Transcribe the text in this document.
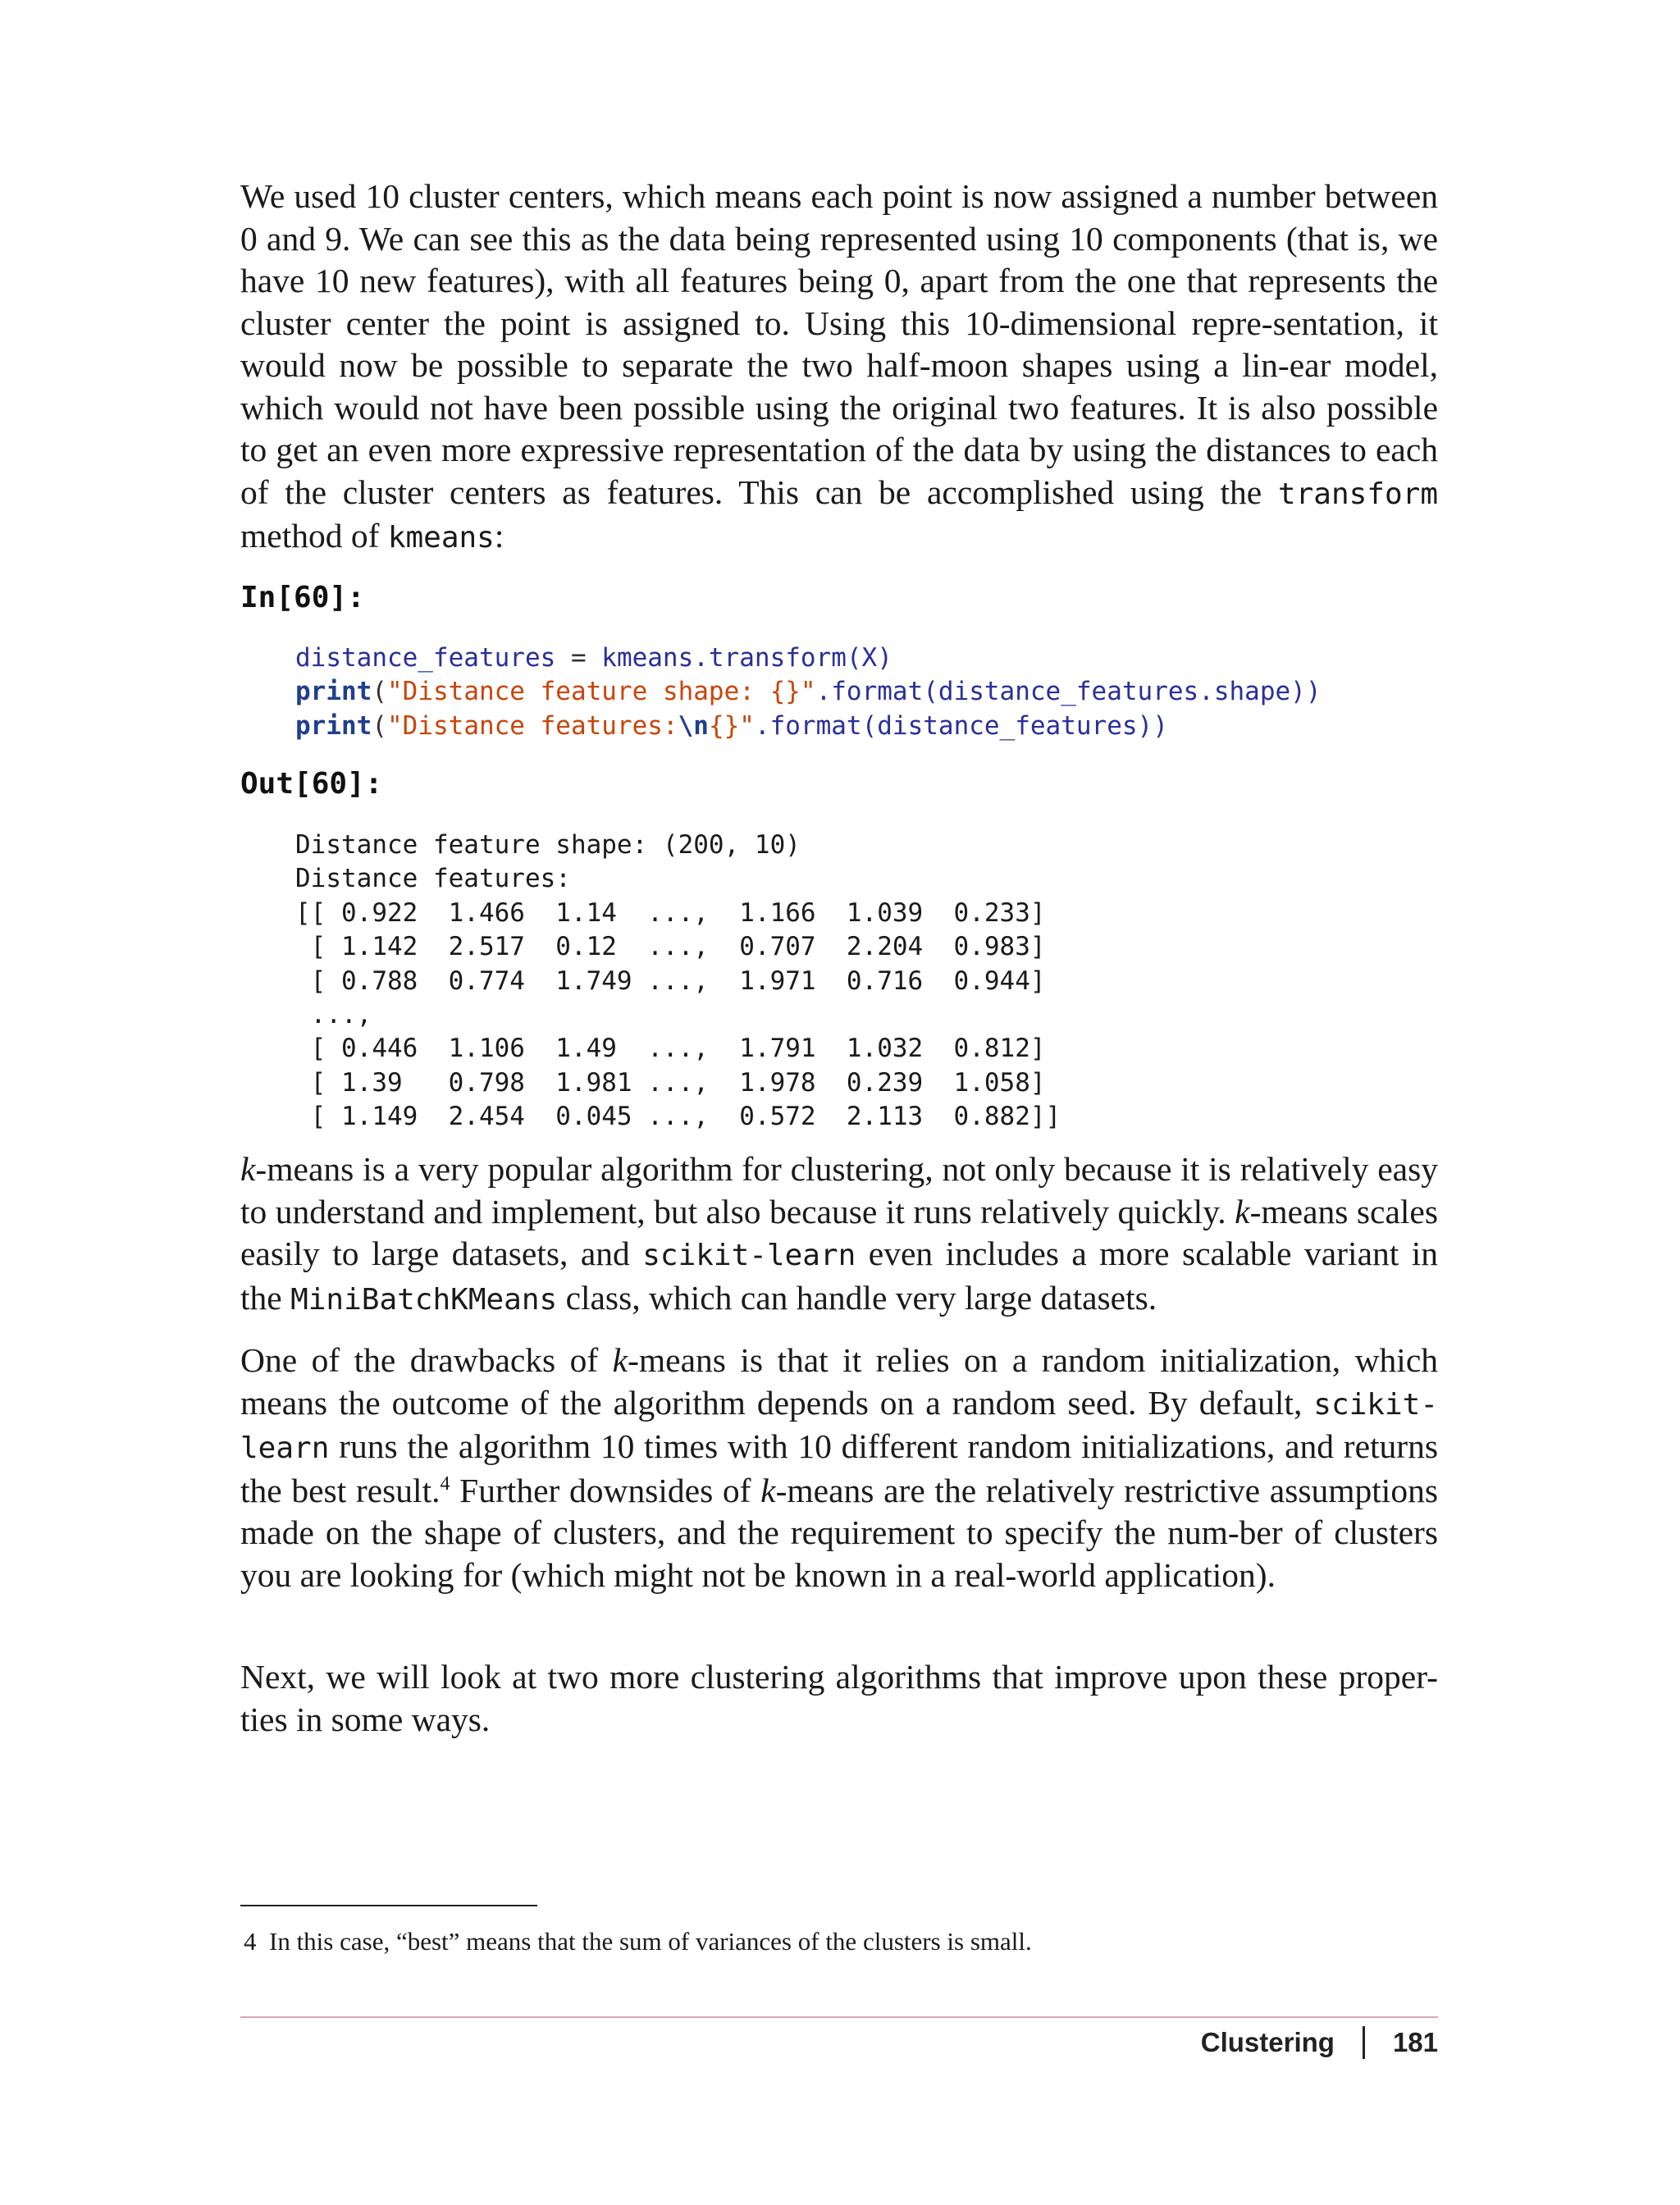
We used 10 cluster centers, which means each point is now assigned a number between 0 and 9. We can see this as the data being represented using 10 components (that is, we have 10 new features), with all features being 0, apart from the one that represents the cluster center the point is assigned to. Using this 10-dimensional repre-sentation, it would now be possible to separate the two half-moon shapes using a lin-ear model, which would not have been possible using the original two features. It is also possible to get an even more expressive representation of the data by using the distances to each of the cluster centers as features. This can be accomplished using the transform method of kmeans:

In[60]:
distance_features = kmeans.transform(X)
print("Distance feature shape: {}".format(distance_features.shape))
print("Distance features:\n{}".format(distance_features))
Out[60]:
Distance feature shape: (200, 10)
Distance features:
[[ 0.922  1.466  1.14  ...,  1.166  1.039  0.233]
[ 1.142  2.517  0.12  ...,  0.707  2.204  0.983]
[ 0.788  0.774  1.749 ...,  1.971  0.716  0.944]
...,
[ 0.446  1.106  1.49  ...,  1.791  1.032  0.812]
[ 1.39   0.798  1.981 ...,  1.978  0.239  1.058]
[ 1.149  2.454  0.045 ...,  0.572  2.113  0.882]]

k-means is a very popular algorithm for clustering, not only because it is relatively easy to understand and implement, but also because it runs relatively quickly. k-means scales easily to large datasets, and scikit-learn even includes a more scalable variant in the MiniBatchKMeans class, which can handle very large datasets.

One of the drawbacks of k-means is that it relies on a random initialization, which means the outcome of the algorithm depends on a random seed. By default, scikit-learn runs the algorithm 10 times with 10 different random initializations, and returns the best result.$^4$ Further downsides of k-means are the relatively restrictive assumptions made on the shape of clusters, and the requirement to specify the num-ber of clusters you are looking for (which might not be known in a real-world application).

Next, we will look at two more clustering algorithms that improve upon these proper-ties in some ways.

4 In this case, “best” means that the sum of variances of the clusters is small.
Clustering 181
